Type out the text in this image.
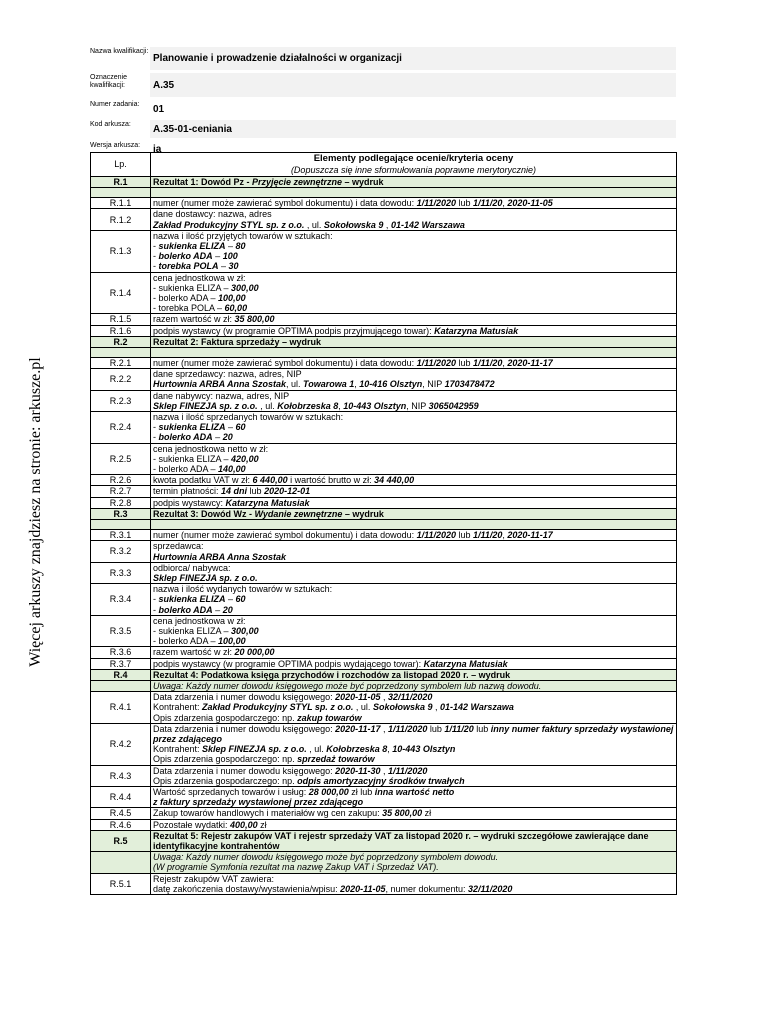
Więcej arkuszy znajdziesz na stronie: arkusze.pl
Nazwa kwalifikacji:
Planowanie i prowadzenie działalności w organizacji
Oznaczenie kwalifikacji:	A.35
Numer zadania:	01
Kod arkusza:	A.35-01-ceniania
Wersja arkusza:	ia
Lp.	Elementy podlegające ocenie/kryteria oceny
(Dopuszcza się inne sformułowania poprawne merytorycznie)

R.1	Rezultat 1: Dowód Pz - Przyjęcie zewnętrzne – wydruk

R.1.1	numer (numer może zawierać symbol dokumentu) i data dowodu: 1/11/2020 lub 1/11/20, 2020-11-05
R.1.2	dane dostawcy: nazwa, adres
Zakład Produkcyjny STYL sp. z o.o. , ul. Sokołowska 9 , 01-142 Warszawa

R.1.3	nazwa i ilość przyjętych towarów w sztukach:
- sukienka ELIZA – 80
- bolerko ADA – 100
- torebka POLA – 30

R.1.4	cena jednostkowa w zł:
- sukienka ELIZA – 300,00
- bolerko ADA – 100,00
- torebka POLA – 60,00

R.1.5	razem wartość w zł: 35 800,00
R.1.6	podpis wystawcy (w programie OPTIMA podpis przyjmującego towar): Katarzyna Matusiak
R.2	Rezultat 2: Faktura sprzedaży – wydruk

R.2.1	numer (numer może zawierać symbol dokumentu) i data dowodu: 1/11/2020 lub 1/11/20, 2020-11-17
R.2.2	dane sprzedawcy: nazwa, adres, NIP
Hurtownia ARBA Anna Szostak, ul. Towarowa 1, 10-416 Olsztyn, NIP 1703478472

R.2.3	dane nabywcy: nazwa, adres, NIP
Sklep FINEZJA sp. z o.o. , ul. Kołobrzeska 8, 10-443 Olsztyn, NIP 3065042959

R.2.4	nazwa i ilość sprzedanych towarów w sztukach:
- sukienka ELIZA – 60
- bolerko ADA – 20

R.2.5	cena jednostkowa netto w zł:
- sukienka ELIZA – 420,00
- bolerko ADA – 140,00

R.2.6	kwota podatku VAT w zł: 6 440,00 i wartość brutto w zł: 34 440,00
R.2.7	termin płatności: 14 dni lub 2020-12-01
R.2.8	podpis wystawcy: Katarzyna Matusiak
R.3	Rezultat 3: Dowód Wz - Wydanie zewnętrzne – wydruk

R.3.1	numer (numer może zawierać symbol dokumentu) i data dowodu: 1/11/2020 lub 1/11/20, 2020-11-17
R.3.2	sprzedawca:
Hurtownia ARBA Anna Szostak

R.3.3	odbiorca/ nabywca:
Sklep FINEZJA sp. z o.o.

R.3.4	nazwa i ilość wydanych towarów w sztukach:
- sukienka ELIZA – 60
- bolerko ADA – 20

R.3.5	cena jednostkowa w zł:
- sukienka ELIZA – 300,00
- bolerko ADA – 100,00

R.3.6	razem wartość w zł: 20 000,00
R.3.7	podpis wystawcy (w programie OPTIMA podpis wydającego towar): Katarzyna Matusiak
R.4	Rezultat 4: Podatkowa księga przychodów i rozchodów za listopad 2020 r. – wydruk
	Uwaga: Każdy numer dowodu księgowego może być poprzedzony symbolem lub nazwą dowodu.
R.4.1	Data zdarzenia i numer dowodu księgowego: 2020-11-05 , 32/11/2020
Kontrahent: Zakład Produkcyjny STYL sp. z o.o. , ul. Sokołowska 9 , 01-142 Warszawa
Opis zdarzenia gospodarczego: np. zakup towarów

R.4.2	Data zdarzenia i numer dowodu księgowego: 2020-11-17 , 1/11/2020 lub 1/11/20 lub inny numer faktury sprzedaży wystawionej przez zdającego
Kontrahent: Sklep FINEZJA sp. z o.o. , ul. Kołobrzeska 8, 10-443 Olsztyn
Opis zdarzenia gospodarczego: np. sprzedaż towarów

R.4.3	Data zdarzenia i numer dowodu księgowego: 2020-11-30 , 1/11/2020
Opis zdarzenia gospodarczego: np. odpis amortyzacyjny środków trwałych

R.4.4	Wartość sprzedanych towarów i usług: 28 000,00 zł lub inna wartość netto
z faktury sprzedaży wystawionej przez zdającego

R.4.5	Zakup towarów handlowych i materiałów wg cen zakupu: 35 800,00 zł
R.4.6	Pozostałe wydatki: 400,00 zł
R.5	Rezultat 5: Rejestr zakupów VAT i rejestr sprzedaży VAT za listopad 2020 r. – wydruki szczegółowe zawierające dane identyfikacyjne kontrahentów

	Uwaga: Każdy numer dowodu księgowego może być poprzedzony symbolem dowodu.
(W programie Symfonia rezultat ma nazwę Zakup VAT i Sprzedaż VAT).

R.5.1	Rejestr zakupów VAT zawiera:
datę zakończenia dostawy/wystawienia/wpisu: 2020-11-05, numer dokumentu: 32/11/2020
